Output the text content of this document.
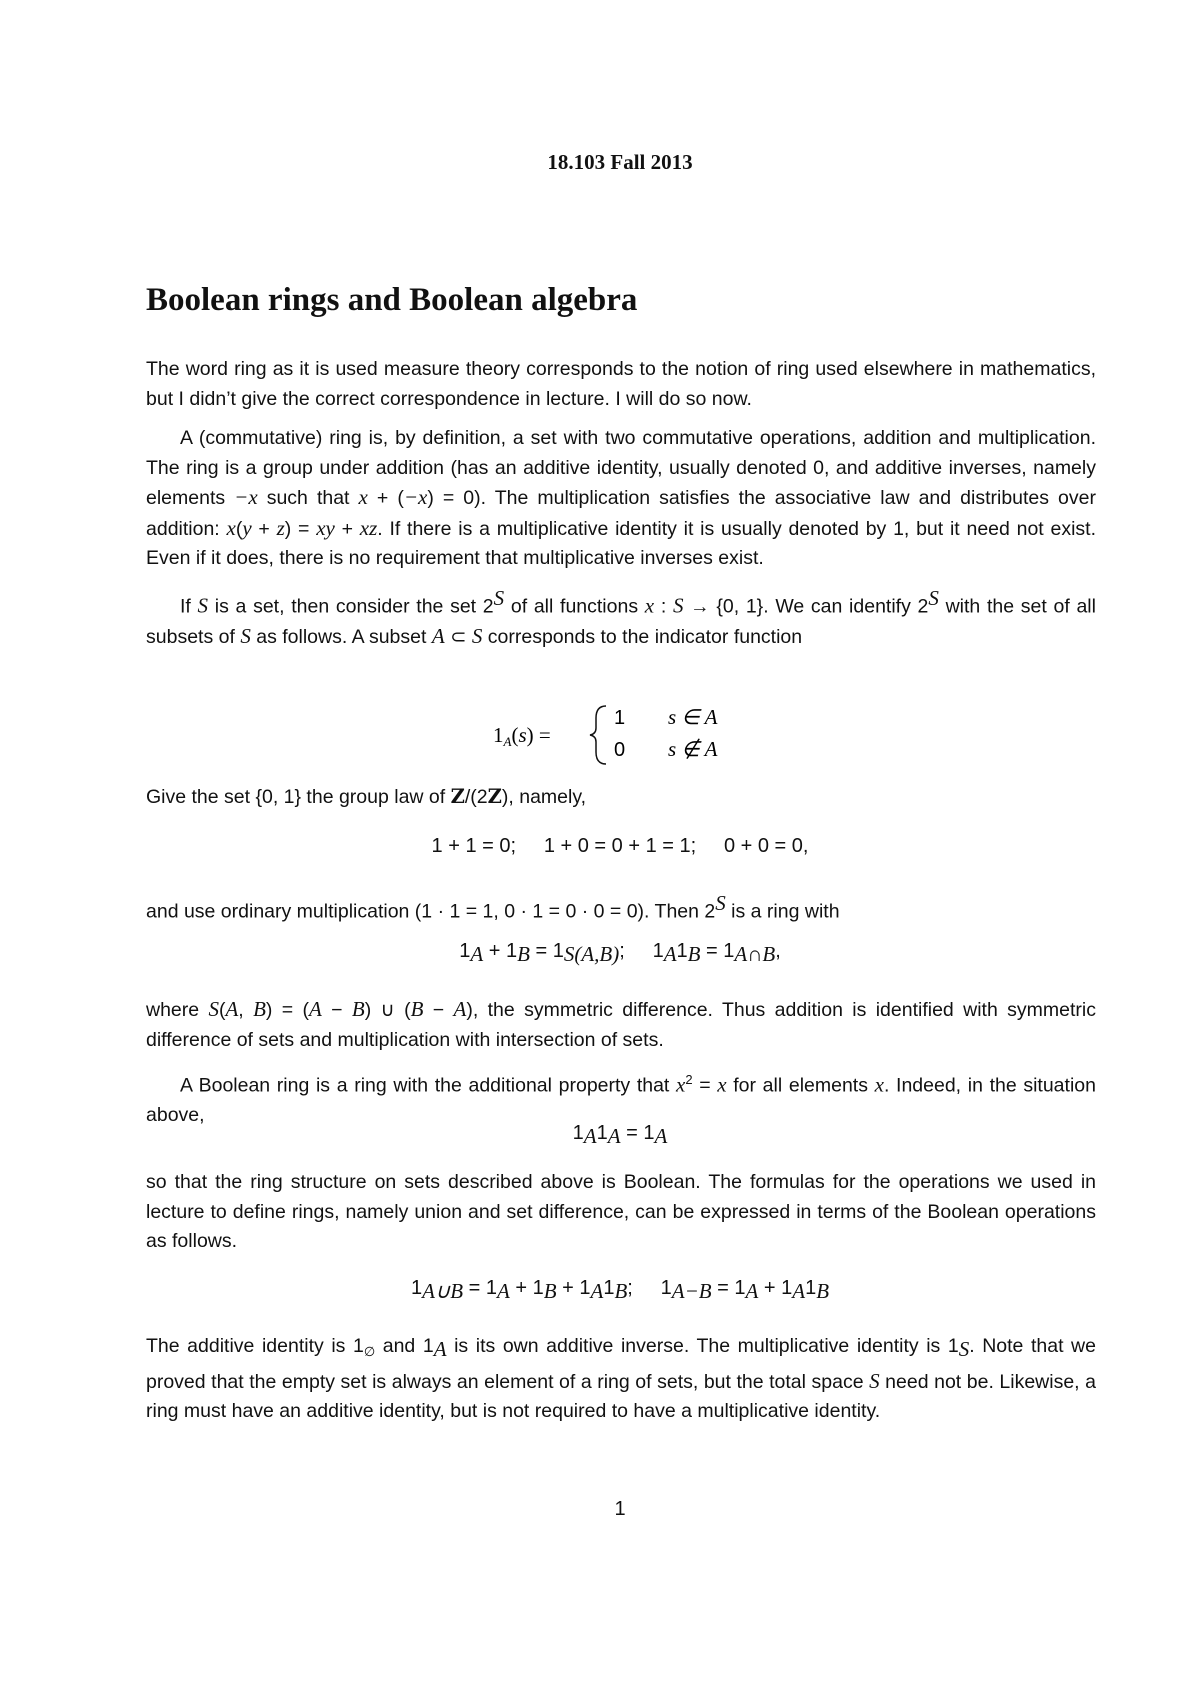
18.103 Fall 2013
Boolean rings and Boolean algebra

The word ring as it is used measure theory corresponds to the notion of ring used elsewhere in mathematics, but I didn’t give the correct correspondence in lecture. I will do so now.

A (commutative) ring is, by definition, a set with two commutative operations, addition and multiplication. The ring is a group under addition (has an additive identity, usually denoted 0, and additive inverses, namely elements −x such that x + (−x) = 0). The multiplication satisfies the associative law and distributes over addition: x(y + z) = xy + xz. If there is a multiplicative identity it is usually denoted by 1, but it need not exist. Even if it does, there is no requirement that multiplicative inverses exist.

If S is a set, then consider the set $2^S$ of all functions x : S → {0, 1}. We can identify $2^S$ with the set of all subsets of S as follows. A subset A ⊂ S corresponds to the indicator function

1A(s) =
1 s ∈ A
0 s ∉ A

Give the set {0, 1} the group law of Z/(2Z), namely,

1 + 1 = 0;     1 + 0 = 0 + 1 = 1;     0 + 0 = 0,

and use ordinary multiplication (1 · 1 = 1, 0 · 1 = 0 · 0 = 0). Then $2^S$ is a ring with

$1_A + 1_B = 1_{S(A,B)}$;     $1_A1_B = 1_{A\cap B}$,

where S(A, B) = (A − B) ∪ (B − A), the symmetric difference. Thus addition is identified with symmetric difference of sets and multiplication with intersection of sets.

A Boolean ring is a ring with the additional property that $x^2 = x$ for all elements x. Indeed, in the situation above,

$1_A1_A = 1_A$

so that the ring structure on sets described above is Boolean. The formulas for the operations we used in lecture to define rings, namely union and set difference, can be expressed in terms of the Boolean operations as follows.

$1_{A\cup B} = 1_A + 1_B + 1_A1_B$;     $1_{A-B} = 1_A + 1_A1_B$

The additive identity is $1_\emptyset$ and $1_A$ is its own additive inverse. The multiplicative identity is $1_S$. Note that we proved that the empty set is always an element of a ring of sets, but the total space S need not be. Likewise, a ring must have an additive identity, but is not required to have a multiplicative identity.

1
